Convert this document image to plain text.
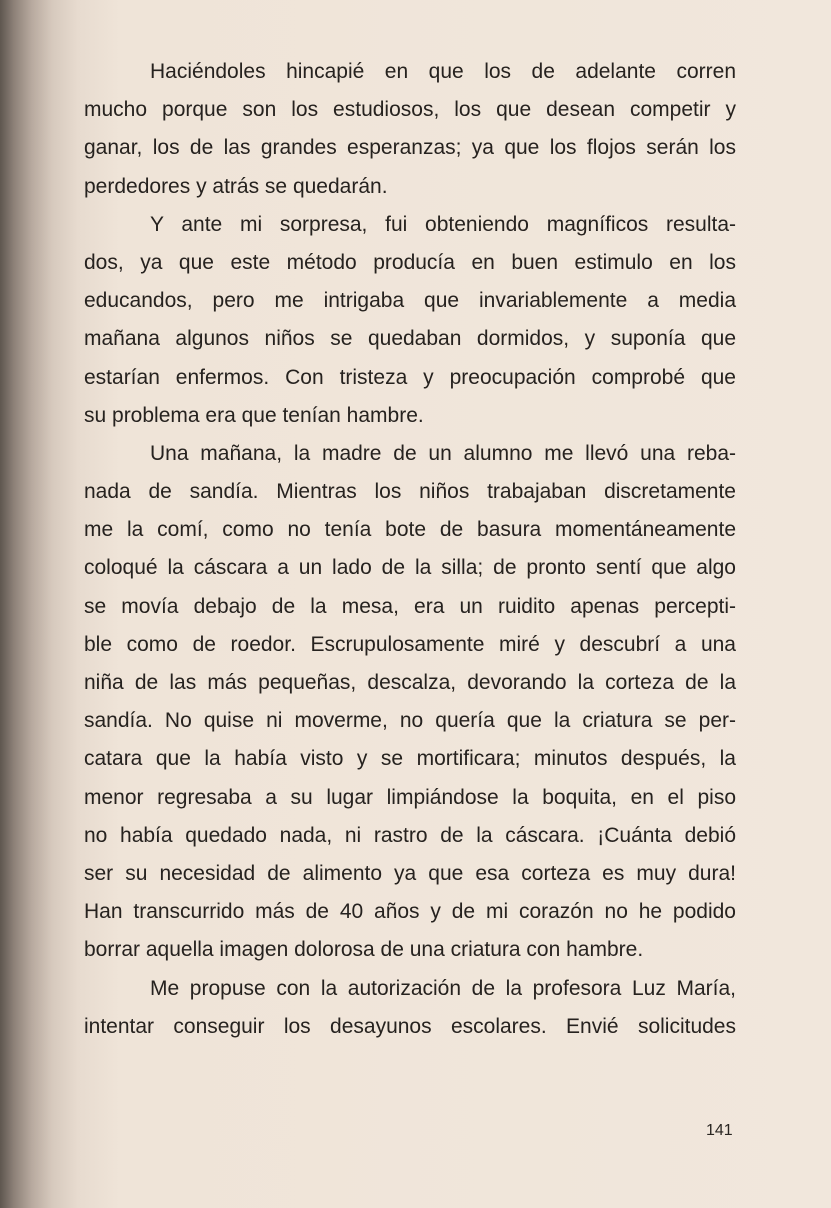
Haciéndoles hincapié en que los de adelante corren
mucho porque son los estudiosos, los que desean competir y
ganar, los de las grandes esperanzas; ya que los flojos serán los
perdedores y atrás se quedarán.

Y ante mi sorpresa, fui obteniendo magníficos resulta-
dos, ya que este método producía en buen estimulo en los
educandos, pero me intrigaba que invariablemente a media
mañana algunos niños se quedaban dormidos, y suponía que
estarían enfermos. Con tristeza y preocupación comprobé que
su problema era que tenían hambre.

Una mañana, la madre de un alumno me llevó una reba-
nada de sandía. Mientras los niños trabajaban discretamente
me la comí, como no tenía bote de basura momentáneamente
coloqué la cáscara a un lado de la silla; de pronto sentí que algo
se movía debajo de la mesa, era un ruidito apenas percepti-
ble como de roedor. Escrupulosamente miré y descubrí a una
niña de las más pequeñas, descalza, devorando la corteza de la
sandía. No quise ni moverme, no quería que la criatura se per-
catara que la había visto y se mortificara; minutos después, la
menor regresaba a su lugar limpiándose la boquita, en el piso
no había quedado nada, ni rastro de la cáscara. ¡Cuánta debió
ser su necesidad de alimento ya que esa corteza es muy dura!
Han transcurrido más de 40 años y de mi corazón no he podido
borrar aquella imagen dolorosa de una criatura con hambre.

Me propuse con la autorización de la profesora Luz María,
intentar conseguir los desayunos escolares. Envié solicitudes

141
